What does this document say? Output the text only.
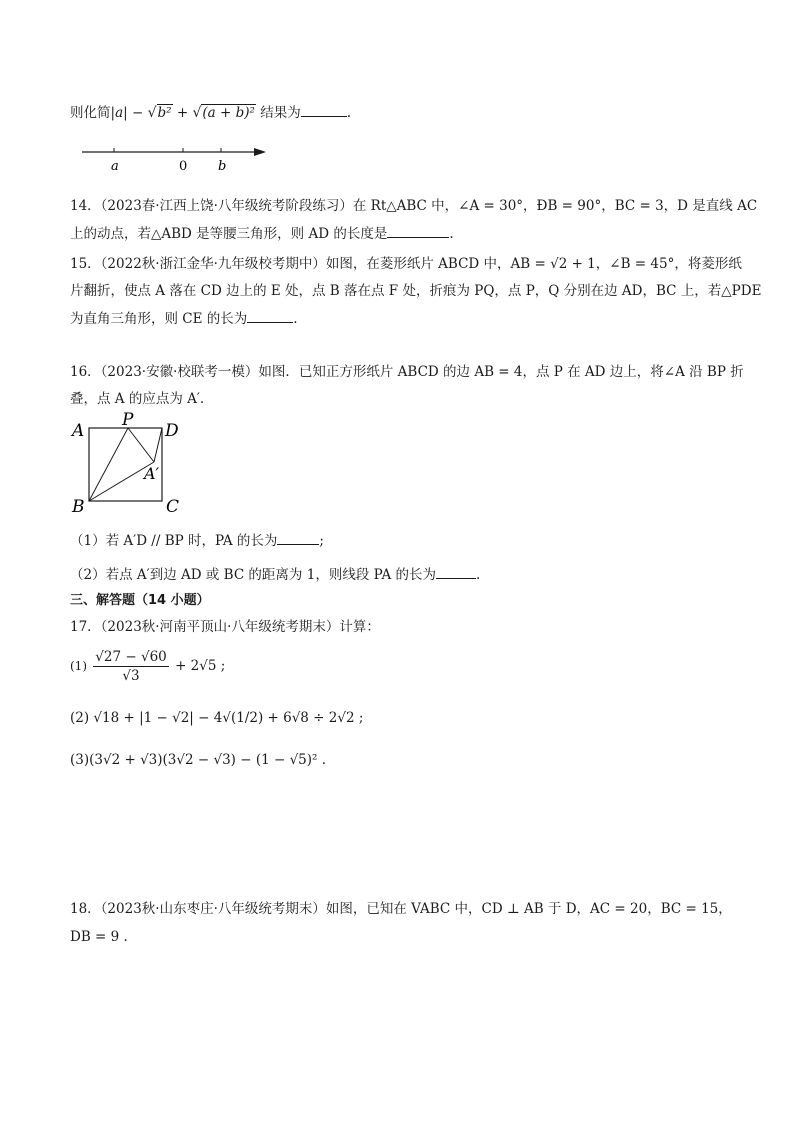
则化简|a| − √b² + √(a + b)² 结果为	.
a	0 b
14．（2023春·江西上饶·八年级统考阶段练习）在 Rt△ABC 中，∠A = 30°，ÐB = 90°，BC = 3，D 是直线 AC
上的动点，若△ABD 是等腰三角形，则 AD 的长度是	.
15．（2022秋·浙江金华·九年级校考期中）如图，在菱形纸片 ABCD 中，AB = √2 + 1，∠B = 45°，将菱形纸
片翻折，使点 A 落在 CD 边上的 E 处，点 B 落在点 F 处，折痕为 PQ，点 P，Q 分别在边 AD，BC 上，若△PDE
为直角三角形，则 CE 的长为	.
16．（2023·安徽·校联考一模）如图．已知正方形纸片 ABCD 的边 AB = 4，点 P 在 AD 边上，将∠A 沿 BP 折
叠，点 A 的应点为 A′.
A
P
D
A′
B	C
（1）若 A′D // BP 时，PA 的长为	;
（2）若点 A′到边 AD 或 BC 的距离为 1，则线段 PA 的长为	.
三、解答题（14 小题）
17．（2023秋·河南平顶山·八年级统考期末）计算：
$(1) \frac{√27 - √60}{√3} + 2√5$ ;
(2) √18 + |1 − √2| − 4√(1/2) + 6√8 ÷ 2√2 ;
(3)(3√2 + √3)(3√2 − √3) − (1 − √5)² .
18．（2023秋·山东枣庄·八年级统考期末）如图，已知在 VABC 中，CD ⊥ AB 于 D，AC = 20，BC = 15，
DB = 9 .
